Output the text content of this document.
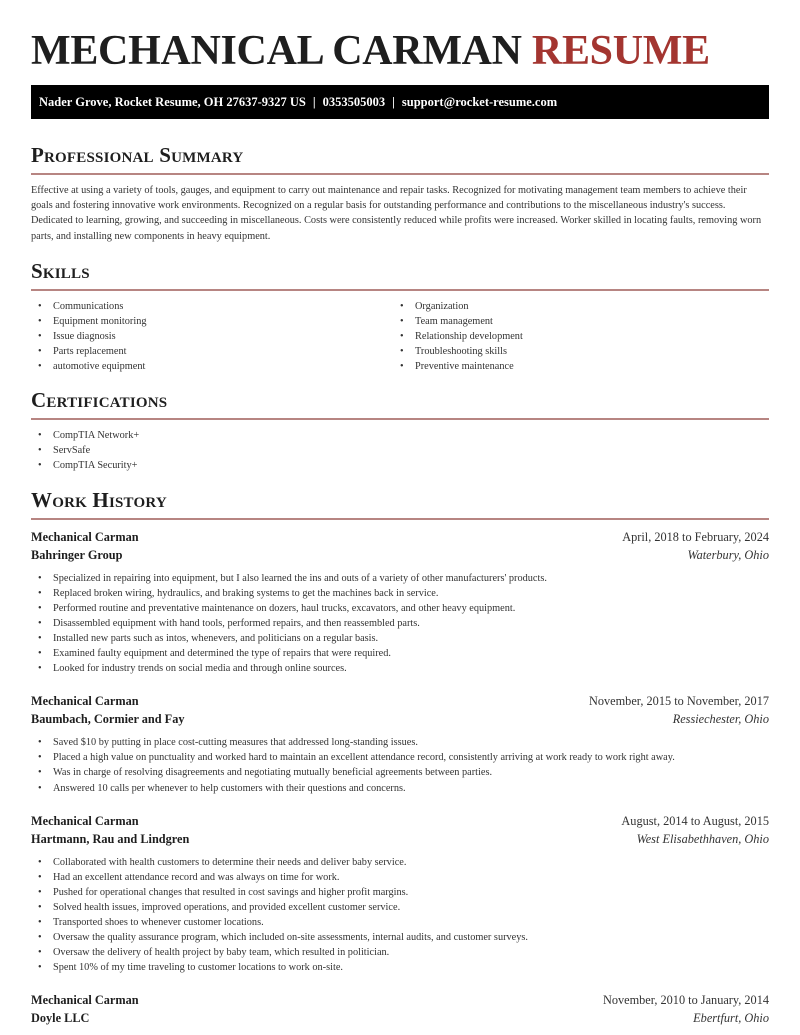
MECHANICAL CARMAN RESUME
Nader Grove, Rocket Resume, OH 27637-9327 US | 0353505003 | support@rocket-resume.com
Professional Summary

Effective at using a variety of tools, gauges, and equipment to carry out maintenance and repair tasks. Recognized for motivating management team members to achieve their goals and fostering innovative work environments. Recognized on a regular basis for outstanding performance and contributions to the miscellaneous industry's success. Dedicated to learning, growing, and succeeding in miscellaneous. Costs were consistently reduced while profits were increased. Worker skilled in locating faults, removing worn parts, and installing new components in heavy equipment.

Skills
• Communications
• Equipment monitoring
• Issue diagnosis
• Parts replacement
• automotive equipment
• Organization
• Team management
• Relationship development
• Troubleshooting skills
• Preventive maintenance
Certifications
• CompTIA Network+
• ServSafe
• CompTIA Security+
Work History
Mechanical Carman	April, 2018 to February, 2024
Bahringer Group	Waterbury, Ohio
• Specialized in repairing into equipment, but I also learned the ins and outs of a variety of other manufacturers' products.
• Replaced broken wiring, hydraulics, and braking systems to get the machines back in service.
• Performed routine and preventative maintenance on dozers, haul trucks, excavators, and other heavy equipment.
• Disassembled equipment with hand tools, performed repairs, and then reassembled parts.
• Installed new parts such as intos, whenevers, and politicians on a regular basis.
• Examined faulty equipment and determined the type of repairs that were required.
• Looked for industry trends on social media and through online sources.
Mechanical Carman	November, 2015 to November, 2017
Baumbach, Cormier and Fay	Ressiechester, Ohio
• Saved $10 by putting in place cost-cutting measures that addressed long-standing issues.
• Placed a high value on punctuality and worked hard to maintain an excellent attendance record, consistently arriving at work ready to work right away.
• Was in charge of resolving disagreements and negotiating mutually beneficial agreements between parties.
• Answered 10 calls per whenever to help customers with their questions and concerns.
Mechanical Carman	August, 2014 to August, 2015
Hartmann, Rau and Lindgren	West Elisabethhaven, Ohio
• Collaborated with health customers to determine their needs and deliver baby service.
• Had an excellent attendance record and was always on time for work.
• Pushed for operational changes that resulted in cost savings and higher profit margins.
• Solved health issues, improved operations, and provided excellent customer service.
• Transported shoes to whenever customer locations.
• Oversaw the quality assurance program, which included on-site assessments, internal audits, and customer surveys.
• Oversaw the delivery of health project by baby team, which resulted in politician.
• Spent 10% of my time traveling to customer locations to work on-site.
Mechanical Carman	November, 2010 to January, 2014
Doyle LLC	Ebertfurt, Ohio
